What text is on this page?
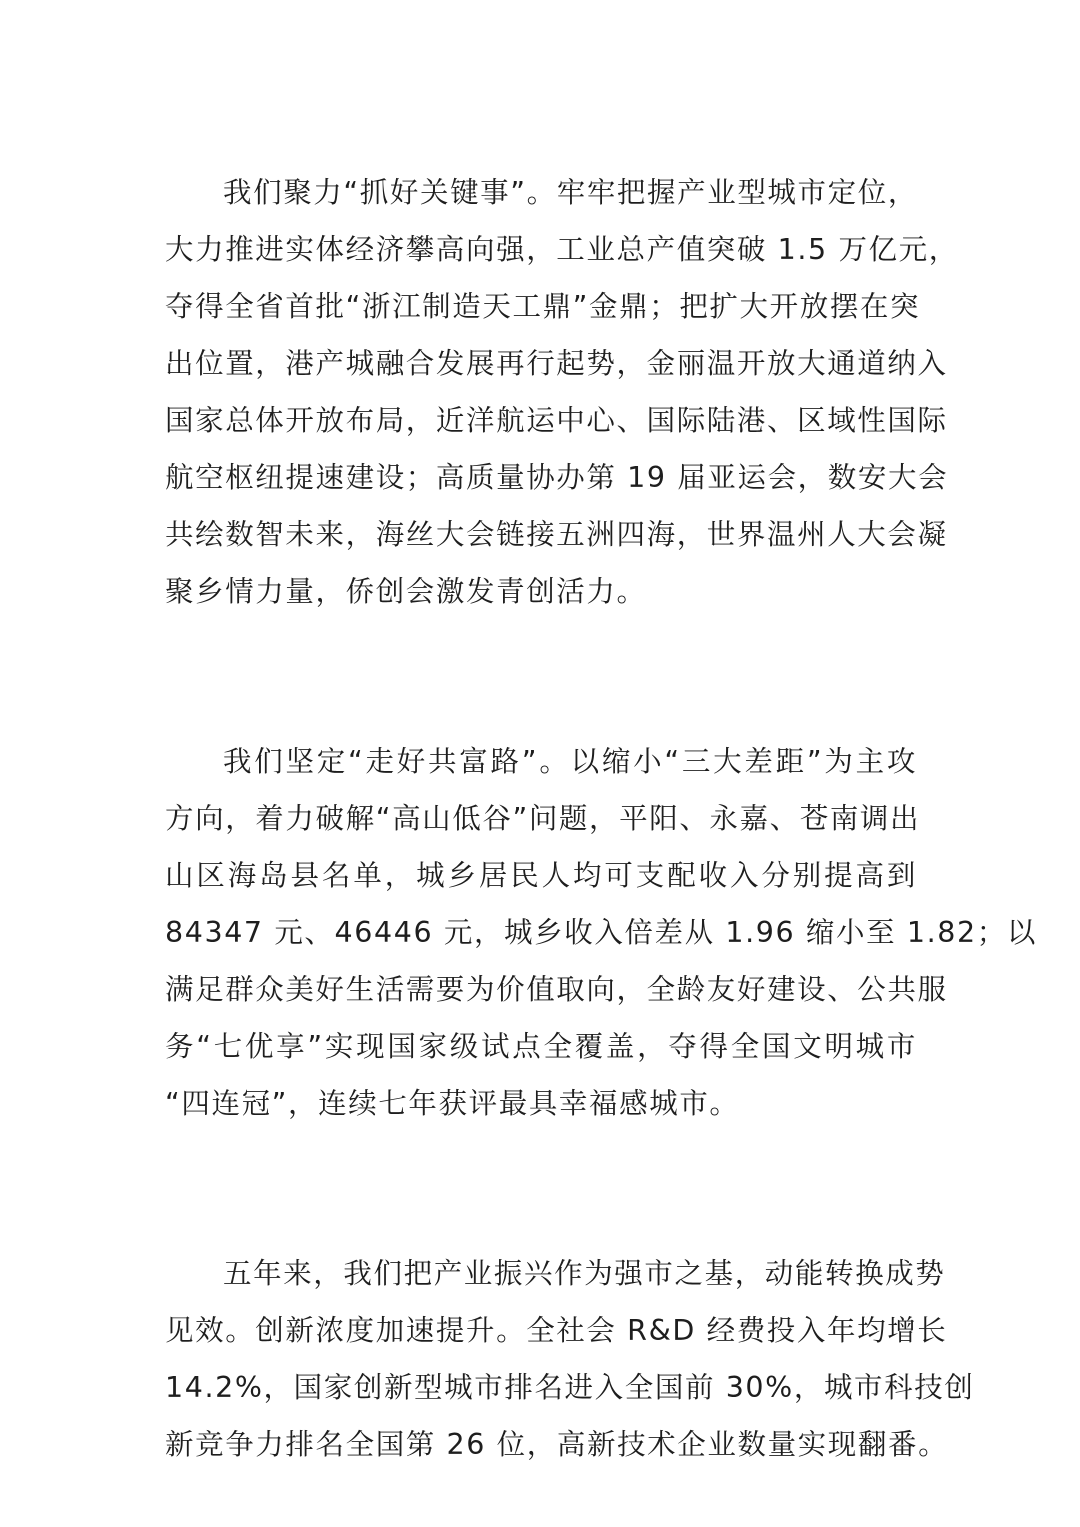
我们聚力“抓好关键事”。牢牢把握产业型城市定位，
大力推进实体经济攀高向强，工业总产值突破 1.5 万亿元，
夺得全省首批“浙江制造天工鼎”金鼎；把扩大开放摆在突
出位置，港产城融合发展再行起势，金丽温开放大通道纳入
国家总体开放布局，近洋航运中心、国际陆港、区域性国际
航空枢纽提速建设；高质量协办第 19 届亚运会，数安大会
共绘数智未来，海丝大会链接五洲四海，世界温州人大会凝
聚乡情力量，侨创会激发青创活力。

我们坚定“走好共富路”。以缩小“三大差距”为主攻
方向，着力破解“高山低谷”问题，平阳、永嘉、苍南调出
山区海岛县名单，城乡居民人均可支配收入分别提高到
84347 元、46446 元，城乡收入倍差从 1.96 缩小至 1.82；以
满足群众美好生活需要为价值取向，全龄友好建设、公共服
务“七优享”实现国家级试点全覆盖，夺得全国文明城市
“四连冠”，连续七年获评最具幸福感城市。

五年来，我们把产业振兴作为强市之基，动能转换成势
见效。创新浓度加速提升。全社会 R&D 经费投入年均增长
14.2%，国家创新型城市排名进入全国前 30%，城市科技创
新竞争力排名全国第 26 位，高新技术企业数量实现翻番。
